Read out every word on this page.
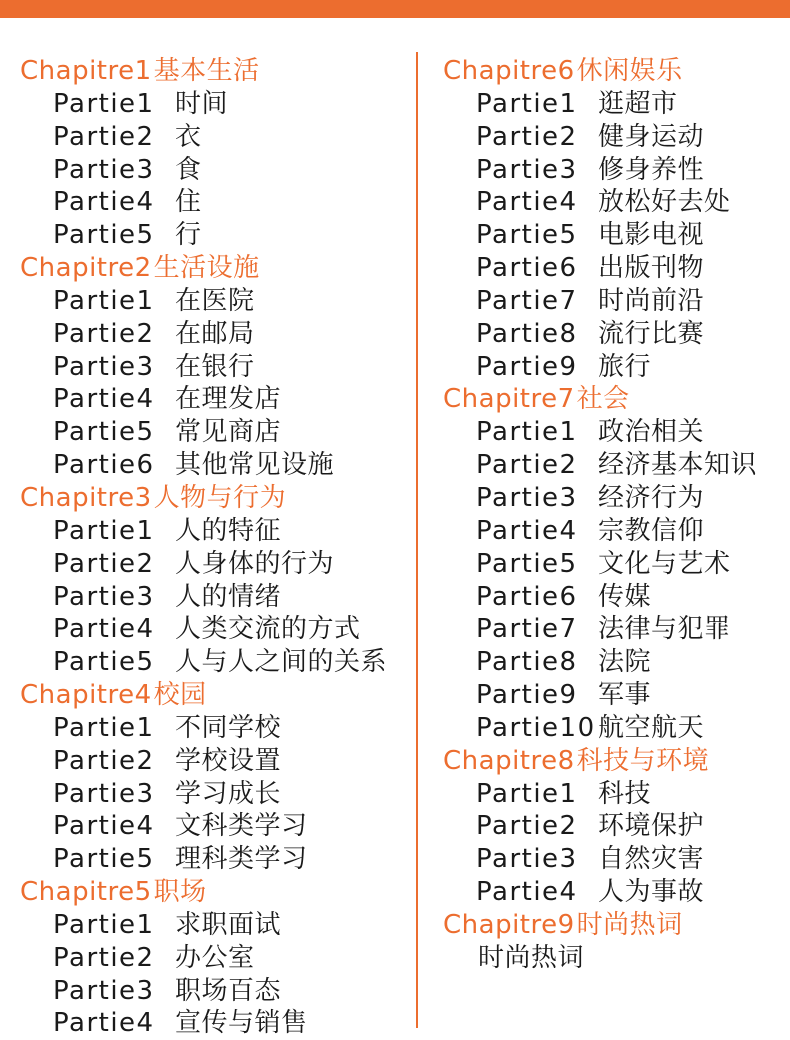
Chapitre1基本生活
Partie1 时间
Partie2 衣
Partie3 食
Partie4 住
Partie5 行
Chapitre2生活设施
Partie1 在医院
Partie2 在邮局
Partie3 在银行
Partie4 在理发店
Partie5 常见商店
Partie6 其他常见设施
Chapitre3人物与行为
Partie1 人的特征
Partie2 人身体的行为
Partie3 人的情绪
Partie4 人类交流的方式
Partie5 人与人之间的关系
Chapitre4校园
Partie1 不同学校
Partie2 学校设置
Partie3 学习成长
Partie4 文科类学习
Partie5 理科类学习
Chapitre5职场
Partie1 求职面试
Partie2 办公室
Partie3 职场百态
Partie4 宣传与销售
Chapitre6休闲娱乐
Partie1 逛超市
Partie2 健身运动
Partie3 修身养性
Partie4 放松好去处
Partie5 电影电视
Partie6 出版刊物
Partie7 时尚前沿
Partie8 流行比赛
Partie9 旅行
Chapitre7社会
Partie1 政治相关
Partie2 经济基本知识
Partie3 经济行为
Partie4 宗教信仰
Partie5 文化与艺术
Partie6 传媒
Partie7 法律与犯罪
Partie8 法院
Partie9 军事
Partie10航空航天
Chapitre8科技与环境
Partie1 科技
Partie2 环境保护
Partie3 自然灾害
Partie4 人为事故
Chapitre9时尚热词
时尚热词
